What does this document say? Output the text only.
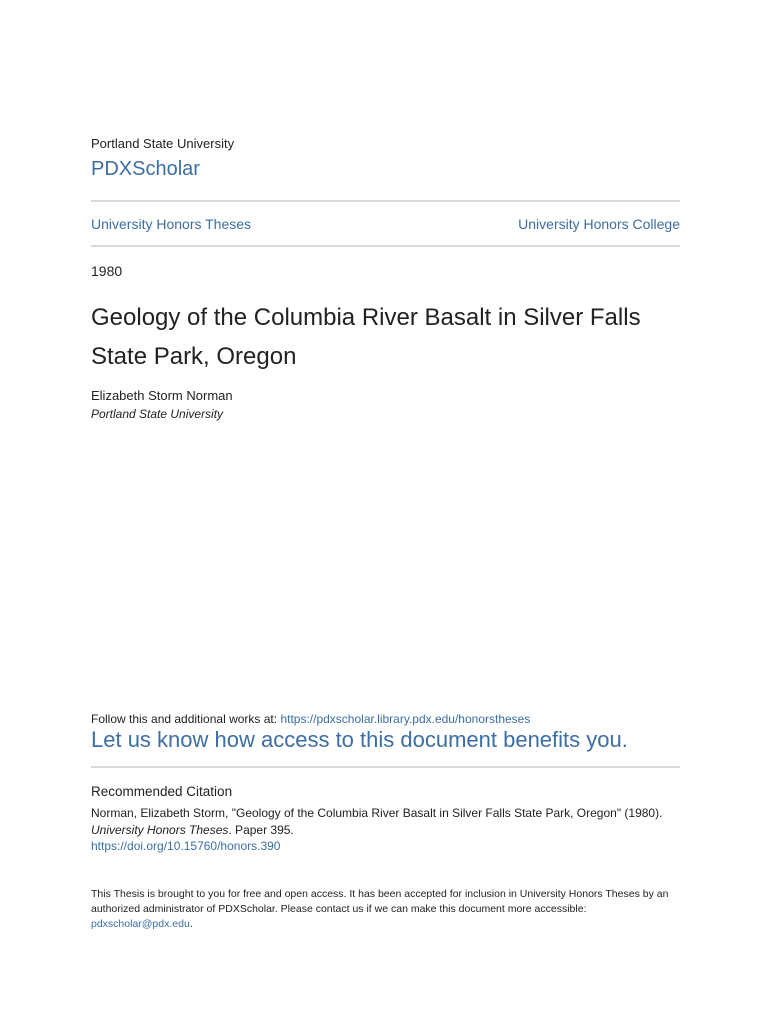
Portland State University
PDXScholar
University Honors Theses	University Honors College
1980
Geology of the Columbia River Basalt in Silver Falls State Park, Oregon
Elizabeth Storm Norman
Portland State University
Follow this and additional works at: https://pdxscholar.library.pdx.edu/honorstheses
Let us know how access to this document benefits you.
Recommended Citation
Norman, Elizabeth Storm, "Geology of the Columbia River Basalt in Silver Falls State Park, Oregon" (1980).
University Honors Theses. Paper 395.
https://doi.org/10.15760/honors.390
This Thesis is brought to you for free and open access. It has been accepted for inclusion in University Honors Theses by an authorized administrator of PDXScholar. Please contact us if we can make this document more accessible: pdxscholar@pdx.edu.
